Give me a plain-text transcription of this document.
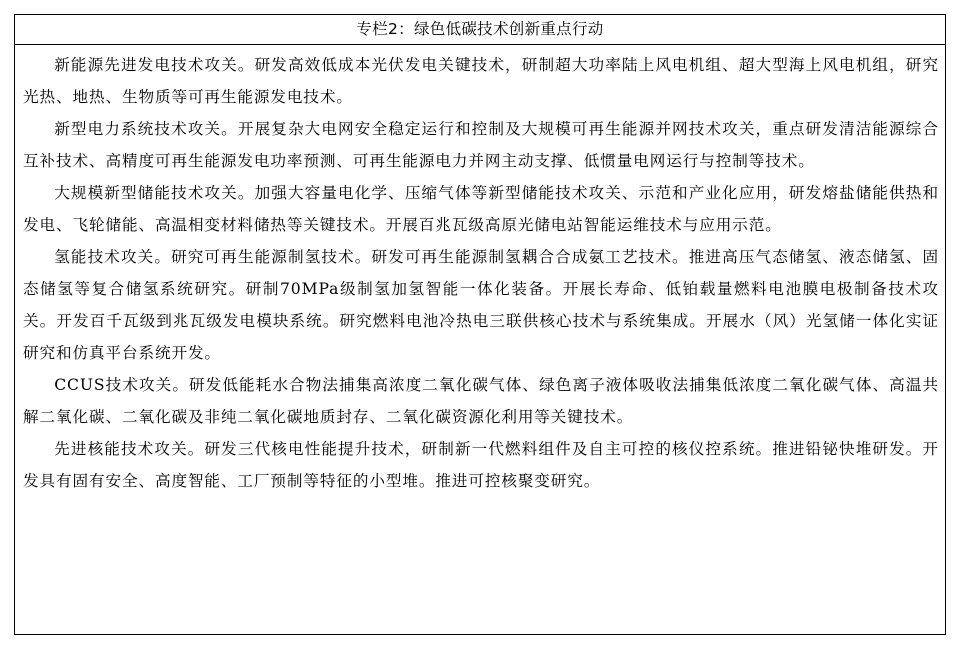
专栏2：绿色低碳技术创新重点行动

新能源先进发电技术攻关。研发高效低成本光伏发电关键技术，研制超大功率陆上风电机组、超大型海上风电机组，研究光热、地热、生物质等可再生能源发电技术。

新型电力系统技术攻关。开展复杂大电网安全稳定运行和控制及大规模可再生能源并网技术攻关，重点研发清洁能源综合互补技术、高精度可再生能源发电功率预测、可再生能源电力并网主动支撑、低惯量电网运行与控制等技术。

大规模新型储能技术攻关。加强大容量电化学、压缩气体等新型储能技术攻关、示范和产业化应用，研发熔盐储能供热和发电、飞轮储能、高温相变材料储热等关键技术。开展百兆瓦级高原光储电站智能运维技术与应用示范。

氢能技术攻关。研究可再生能源制氢技术。研发可再生能源制氢耦合合成氨工艺技术。推进高压气态储氢、液态储氢、固态储氢等复合储氢系统研究。研制70MPa级制氢加氢智能一体化装备。开展长寿命、低铂载量燃料电池膜电极制备技术攻关。开发百千瓦级到兆瓦级发电模块系统。研究燃料电池冷热电三联供核心技术与系统集成。开展水（风）光氢储一体化实证研究和仿真平台系统开发。

CCUS技术攻关。研发低能耗水合物法捕集高浓度二氧化碳气体、绿色离子液体吸收法捕集低浓度二氧化碳气体、高温共解二氧化碳、二氧化碳及非纯二氧化碳地质封存、二氧化碳资源化利用等关键技术。

先进核能技术攻关。研发三代核电性能提升技术，研制新一代燃料组件及自主可控的核仪控系统。推进铅铋快堆研发。开发具有固有安全、高度智能、工厂预制等特征的小型堆。推进可控核聚变研究。
